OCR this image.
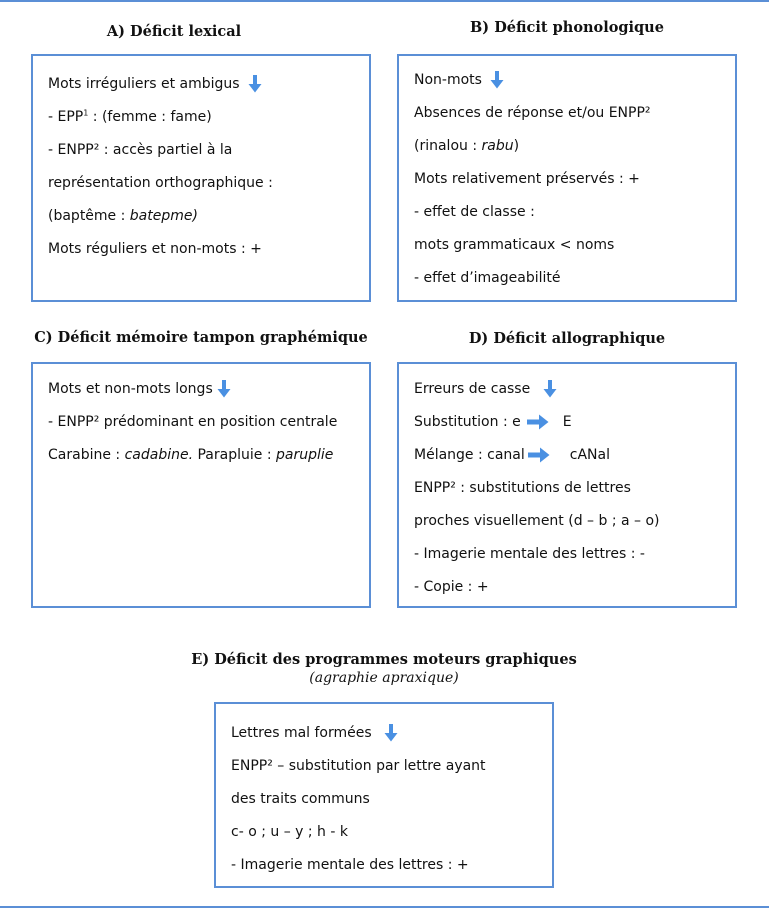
A) Déficit lexical
Mots irréguliers et ambigus
- EPP$^1$ : (femme : fame)
- ENPP² : accès partiel à la
représentation orthographique :
(baptême : batepme)
Mots réguliers et non-mots : +
B) Déficit phonologique
Non-mots
Absences de réponse et/ou ENPP²
(rinalou : rabu)
Mots relativement préservés : +
- effet de classe :
mots grammaticaux < noms
- effet d’imageabilité
C) Déficit mémoire tampon graphémique
Mots et non-mots longs
- ENPP² prédominant en position centrale
Carabine : cadabine. Parapluie : paruplie
D) Déficit allographique
Erreurs de casse
Substitution : e	E
Mélange : canal	cANal
ENPP² : substitutions de lettres
proches visuellement (d – b ; a – o)
- Imagerie mentale des lettres : -
- Copie : +
E) Déficit des programmes moteurs graphiques
(agraphie apraxique)
Lettres mal formées
ENPP² – substitution par lettre ayant
des traits communs
c- o ; u – y ; h - k
- Imagerie mentale des lettres : +
